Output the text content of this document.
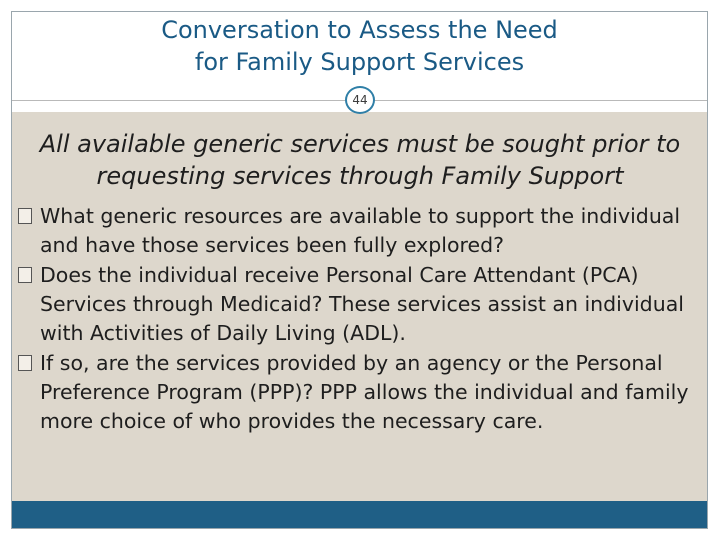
Conversation to Assess the Need
for Family Support Services

All available generic services must be sought prior to requesting services through Family Support

What generic resources are available to support the individual and have those services been fully explored?
Does the individual receive Personal Care Attendant (PCA) Services through Medicaid? These services assist an individual with Activities of Daily Living (ADL).
If so, are the services provided by an agency or the Personal Preference Program (PPP)? PPP allows the individual and family more choice of who provides the necessary care.
44
